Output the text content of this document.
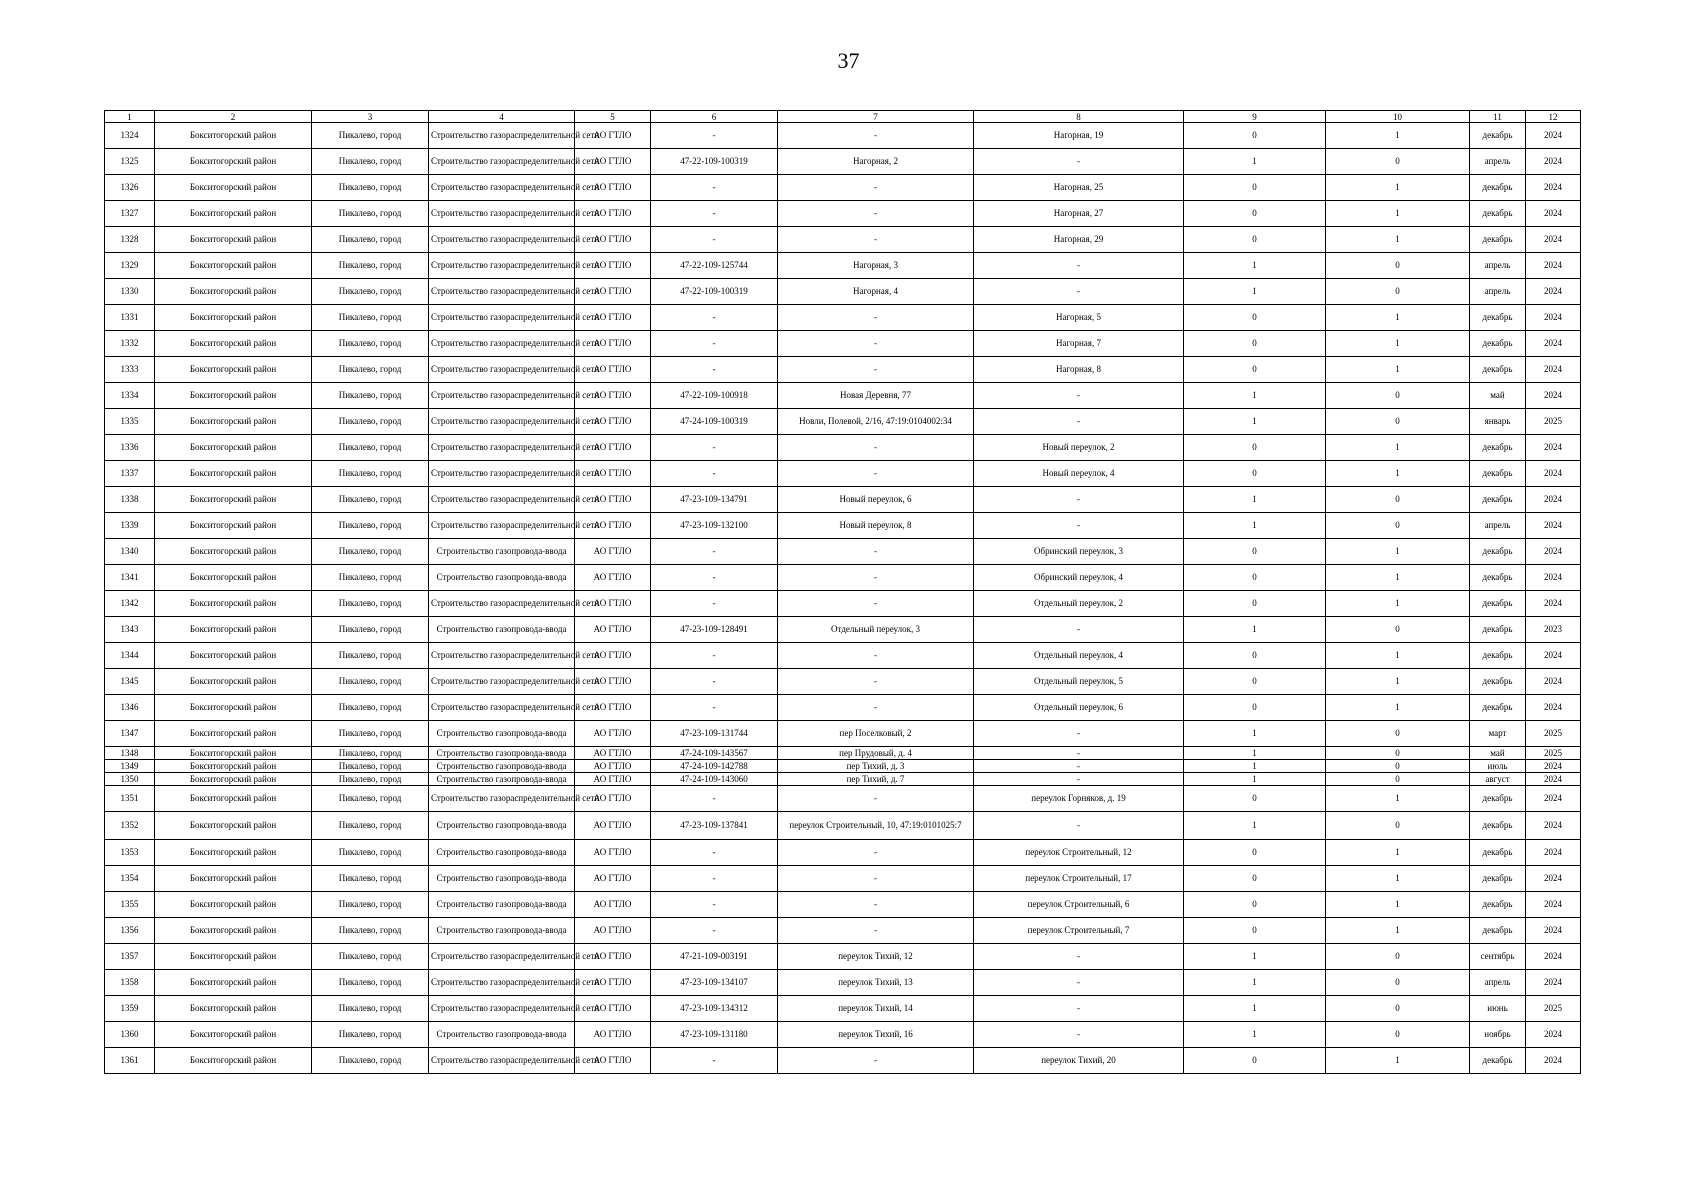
37
1	2	3	4	5	6	7	8	9	10	11	12
1324	Бокситогорский район	Пикалево, город	Строительство газораспределительной сети	АО ГТЛО	-	-	Нагорная, 19	0	1	декабрь	2024
1325	Бокситогорский район	Пикалево, город	Строительство газораспределительной сети	АО ГТЛО	47-22-109-100319	Нагорная, 2	-	1	0	апрель	2024
1326	Бокситогорский район	Пикалево, город	Строительство газораспределительной сети	АО ГТЛО	-	-	Нагорная, 25	0	1	декабрь	2024
1327	Бокситогорский район	Пикалево, город	Строительство газораспределительной сети	АО ГТЛО	-	-	Нагорная, 27	0	1	декабрь	2024
1328	Бокситогорский район	Пикалево, город	Строительство газораспределительной сети	АО ГТЛО	-	-	Нагорная, 29	0	1	декабрь	2024
1329	Бокситогорский район	Пикалево, город	Строительство газораспределительной сети	АО ГТЛО	47-22-109-125744	Нагорная, 3	-	1	0	апрель	2024
1330	Бокситогорский район	Пикалево, город	Строительство газораспределительной сети	АО ГТЛО	47-22-109-100319	Нагорная, 4	-	1	0	апрель	2024
1331	Бокситогорский район	Пикалево, город	Строительство газораспределительной сети	АО ГТЛО	-	-	Нагорная, 5	0	1	декабрь	2024
1332	Бокситогорский район	Пикалево, город	Строительство газораспределительной сети	АО ГТЛО	-	-	Нагорная, 7	0	1	декабрь	2024
1333	Бокситогорский район	Пикалево, город	Строительство газораспределительной сети	АО ГТЛО	-	-	Нагорная, 8	0	1	декабрь	2024
1334	Бокситогорский район	Пикалево, город	Строительство газораспределительной сети	АО ГТЛО	47-22-109-100918	Новая Деревня, 77	-	1	0	май	2024
1335	Бокситогорский район	Пикалево, город	Строительство газораспределительной сети	АО ГТЛО	47-24-109-100319	Новли, Полевой, 2/16, 47:19:0104002:34	-	1	0	январь	2025
1336	Бокситогорский район	Пикалево, город	Строительство газораспределительной сети	АО ГТЛО	-	-	Новый переулок, 2	0	1	декабрь	2024
1337	Бокситогорский район	Пикалево, город	Строительство газораспределительной сети	АО ГТЛО	-	-	Новый переулок, 4	0	1	декабрь	2024
1338	Бокситогорский район	Пикалево, город	Строительство газораспределительной сети	АО ГТЛО	47-23-109-134791	Новый переулок, 6	-	1	0	декабрь	2024
1339	Бокситогорский район	Пикалево, город	Строительство газораспределительной сети	АО ГТЛО	47-23-109-132100	Новый переулок, 8	-	1	0	апрель	2024
1340	Бокситогорский район	Пикалево, город	Строительство газопровода-ввода	АО ГТЛО	-	-	Обринский переулок, 3	0	1	декабрь	2024
1341	Бокситогорский район	Пикалево, город	Строительство газопровода-ввода	АО ГТЛО	-	-	Обринский переулок, 4	0	1	декабрь	2024
1342	Бокситогорский район	Пикалево, город	Строительство газораспределительной сети	АО ГТЛО	-	-	Отдельный переулок, 2	0	1	декабрь	2024
1343	Бокситогорский район	Пикалево, город	Строительство газопровода-ввода	АО ГТЛО	47-23-109-128491	Отдельный переулок, 3	-	1	0	декабрь	2023
1344	Бокситогорский район	Пикалево, город	Строительство газораспределительной сети	АО ГТЛО	-	-	Отдельный переулок, 4	0	1	декабрь	2024
1345	Бокситогорский район	Пикалево, город	Строительство газораспределительной сети	АО ГТЛО	-	-	Отдельный переулок, 5	0	1	декабрь	2024
1346	Бокситогорский район	Пикалево, город	Строительство газораспределительной сети	АО ГТЛО	-	-	Отдельный переулок, 6	0	1	декабрь	2024
1347	Бокситогорский район	Пикалево, город	Строительство газопровода-ввода	АО ГТЛО	47-23-109-131744	пер Поселковый, 2	-	1	0	март	2025
1348	Бокситогорский район	Пикалево, город	Строительство газопровода-ввода	АО ГТЛО	47-24-109-143567	пер Прудовый, д. 4	-	1	0	май	2025
1349	Бокситогорский район	Пикалево, город	Строительство газопровода-ввода	АО ГТЛО	47-24-109-142788	пер Тихий, д. 3	-	1	0	июль	2024
1350	Бокситогорский район	Пикалево, город	Строительство газопровода-ввода	АО ГТЛО	47-24-109-143060	пер Тихий, д. 7	-	1	0	август	2024
1351	Бокситогорский район	Пикалево, город	Строительство газораспределительной сети	АО ГТЛО	-	-	переулок Горняков, д. 19	0	1	декабрь	2024
1352	Бокситогорский район	Пикалево, город	Строительство газопровода-ввода	АО ГТЛО	47-23-109-137841	переулок Строительный, 10, 47:19:0101025:7	-	1	0	декабрь	2024
1353	Бокситогорский район	Пикалево, город	Строительство газопровода-ввода	АО ГТЛО	-	-	переулок Строительный, 12	0	1	декабрь	2024
1354	Бокситогорский район	Пикалево, город	Строительство газопровода-ввода	АО ГТЛО	-	-	переулок Строительный, 17	0	1	декабрь	2024
1355	Бокситогорский район	Пикалево, город	Строительство газопровода-ввода	АО ГТЛО	-	-	переулок Строительный, 6	0	1	декабрь	2024
1356	Бокситогорский район	Пикалево, город	Строительство газопровода-ввода	АО ГТЛО	-	-	переулок Строительный, 7	0	1	декабрь	2024
1357	Бокситогорский район	Пикалево, город	Строительство газораспределительной сети	АО ГТЛО	47-21-109-003191	переулок Тихий, 12	-	1	0	сентябрь	2024
1358	Бокситогорский район	Пикалево, город	Строительство газораспределительной сети	АО ГТЛО	47-23-109-134107	переулок Тихий, 13	-	1	0	апрель	2024
1359	Бокситогорский район	Пикалево, город	Строительство газораспределительной сети	АО ГТЛО	47-23-109-134312	переулок Тихий, 14	-	1	0	июнь	2025
1360	Бокситогорский район	Пикалево, город	Строительство газопровода-ввода	АО ГТЛО	47-23-109-131180	переулок Тихий, 16	-	1	0	ноябрь	2024
1361	Бокситогорский район	Пикалево, город	Строительство газораспределительной сети	АО ГТЛО	-	-	переулок Тихий, 20	0	1	декабрь	2024
